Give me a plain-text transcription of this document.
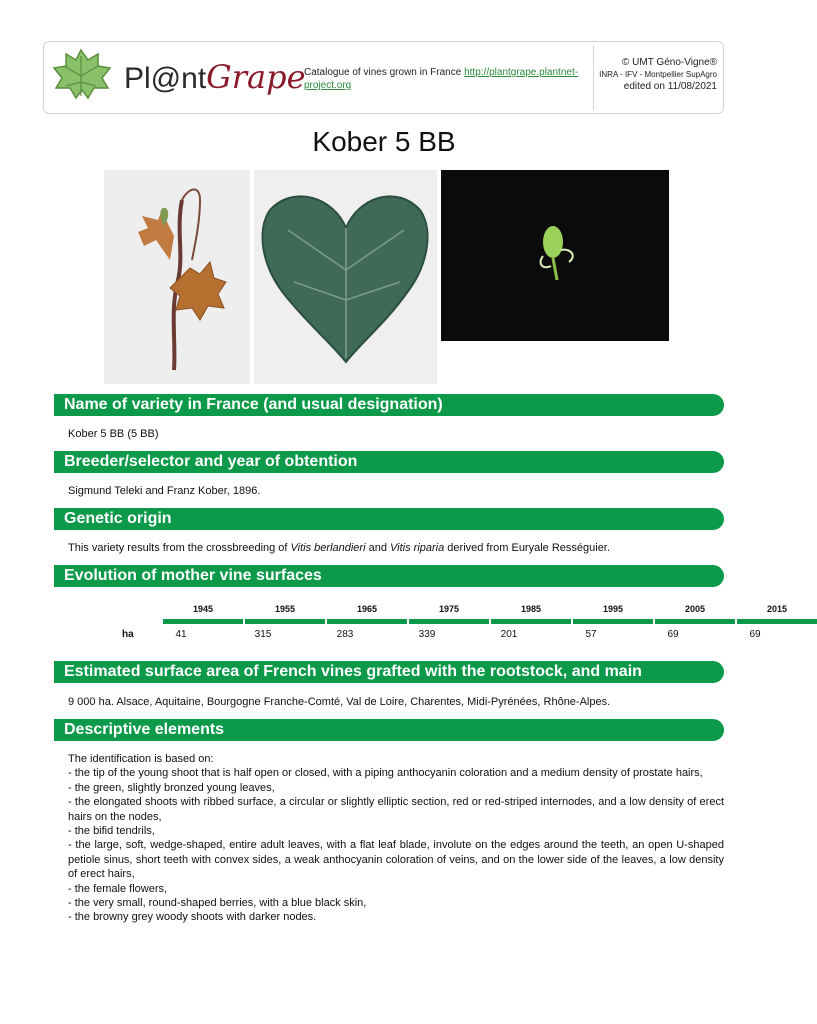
Pl@ntGrape
Catalogue of vines grown in France http://plantgrape.plantnet-project.org
© UMT Géno-Vigne®
INRA - IFV - Montpellier SupAgro
edited on 11/08/2021
Kober 5 BB
Name of variety in France (and usual designation)
Kober 5 BB (5 BB)
Breeder/selector and year of obtention
Sigmund Teleki and Franz Kober, 1896.
Genetic origin
This variety results from the crossbreeding of Vitis berlandieri and Vitis riparia derived from Euryale Rességuier.
Evolution of mother vine surfaces
ha
1945
41
1955
315
1965
283
1975
339
1985
201
1995
57
2005
69
2015
69
Estimated surface area of French vines grafted with the rootstock, and main
9 000 ha. Alsace, Aquitaine, Bourgogne Franche-Comté, Val de Loire, Charentes, Midi-Pyrénées, Rhône-Alpes.
Descriptive elements
The identification is based on:
- the tip of the young shoot that is half open or closed, with a piping anthocyanin coloration and a medium density of prostate hairs,
- the green, slightly bronzed young leaves,
- the elongated shoots with ribbed surface, a circular or slightly elliptic section, red or red-striped internodes, and a low density of erect hairs on the nodes,
- the bifid tendrils,
- the large, soft, wedge-shaped, entire adult leaves, with a flat leaf blade, involute on the edges around the teeth, an open U-shaped petiole sinus, short teeth with convex sides, a weak anthocyanin coloration of veins, and on the lower side of the leaves, a low density of erect hairs,
- the female flowers,
- the very small, round-shaped berries, with a blue black skin,
- the browny grey woody shoots with darker nodes.
